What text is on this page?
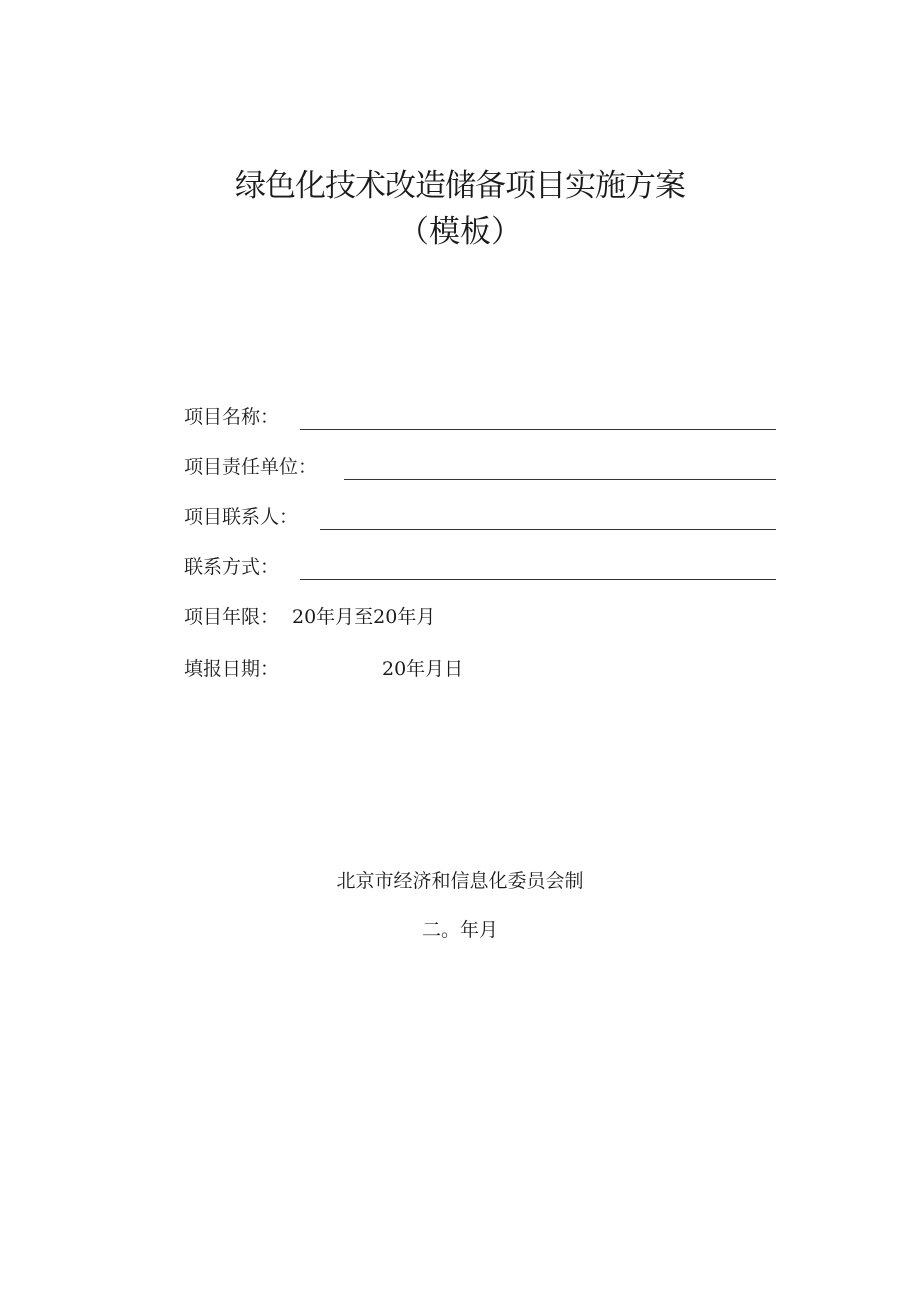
绿色化技术改造储备项目实施方案
（模板）
项目名称：
项目责任单位：
项目联系人：
联系方式：
项目年限： 20年月至20年月
填报日期：	20年月日
北京市经济和信息化委员会制
二。年月
